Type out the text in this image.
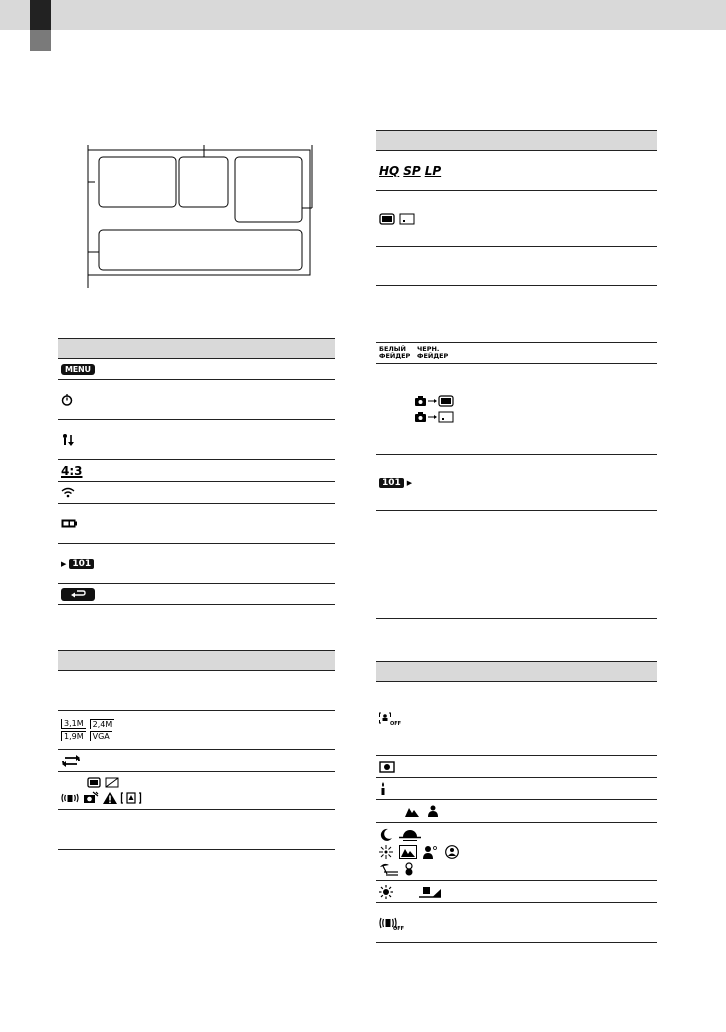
MENU
4:3
▶ 101
3,1M	2,4M
1,9M	VGA
HQ SP LP
БЕЛЫЙ ФЕЙДЕР
ЧЕРН. ФЕЙДЕР
101 ▶
OFF
OFF
